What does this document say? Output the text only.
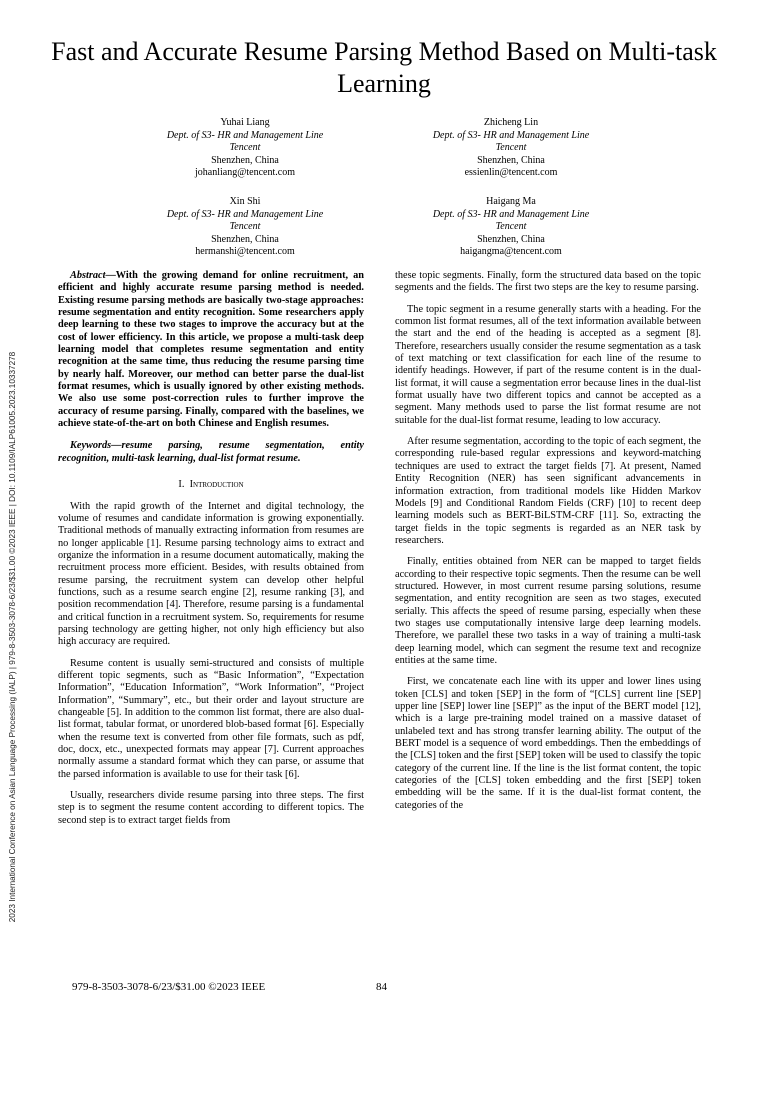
Fast and Accurate Resume Parsing Method Based on Multi-task Learning
Yuhai Liang
Dept. of S3- HR and Management Line
Tencent
Shenzhen, China
johanliang@tencent.com
Zhicheng Lin
Dept. of S3- HR and Management Line
Tencent
Shenzhen, China
essienlin@tencent.com
Xin Shi
Dept. of S3- HR and Management Line
Tencent
Shenzhen, China
hermanshi@tencent.com
Haigang Ma
Dept. of S3- HR and Management Line
Tencent
Shenzhen, China
haigangma@tencent.com

Abstract—With the growing demand for online recruitment, an efficient and highly accurate resume parsing method is needed. Existing resume parsing methods are basically two-stage approaches: resume segmentation and entity recognition. Some researchers apply deep learning to these two stages to improve the accuracy but at the cost of lower efficiency. In this article, we propose a multi-task deep learning model that completes resume segmentation and entity recognition at the same time, thus reducing the resume parsing time by nearly half. Moreover, our method can better parse the dual-list format resumes, which is usually ignored by other existing methods. We also use some post-correction rules to further improve the accuracy of resume parsing. Finally, compared with the baselines, we achieve state-of-the-art on both Chinese and English resumes.

Keywords—resume parsing, resume segmentation, entity recognition, multi-task learning, dual-list format resume.

I. Introduction

With the rapid growth of the Internet and digital technology, the volume of resumes and candidate information is growing exponentially. Traditional methods of manually extracting information from resumes are no longer applicable [1]. Resume parsing technology aims to extract and organize the information in a resume document automatically, making the recruitment process more efficient. Besides, with results obtained from resume parsing, the recruitment system can develop other helpful functions, such as a resume search engine [2], resume ranking [3], and position recommendation [4]. Therefore, resume parsing is a fundamental and critical function in a recruitment system. So, requirements for resume parsing technology are getting higher, not only high efficiency but also high accuracy are required.

Resume content is usually semi-structured and consists of multiple different topic segments, such as “Basic Information”, “Expectation Information”, “Education Information”, “Work Information”, “Project Information”, “Summary”, etc., but their order and layout structure are changeable [5]. In addition to the common list format, there are also dual-list format, tabular format, or unordered blob-based format [6]. Especially when the resume text is converted from other file formats, such as pdf, doc, docx, etc., unexpected formats may appear [7]. Current approaches normally assume a standard format which they can parse, or assume that the parsed information is available to use for their task [6].

Usually, researchers divide resume parsing into three steps. The first step is to segment the resume content according to different topics. The second step is to extract target fields from

these topic segments. Finally, form the structured data based on the topic segments and the fields. The first two steps are the key to resume parsing.

The topic segment in a resume generally starts with a heading. For the common list format resumes, all of the text information available between the start and the end of the heading is accepted as a segment [8]. Therefore, researchers usually consider the resume segmentation as a task of text matching or text classification for each line of the resume to identify headings. However, if part of the resume content is in the dual-list format, it will cause a segmentation error because lines in the dual-list format usually have two different topics and cannot be accepted as a segment. Many methods used to parse the list format resume are not suitable for the dual-list format resume, leading to low accuracy.

After resume segmentation, according to the topic of each segment, the corresponding rule-based regular expressions and keyword-matching techniques are used to extract the target fields [7]. At present, Named Entity Recognition (NER) has seen significant advancements in information extraction, from traditional models like Hidden Markov Models [9] and Conditional Random Fields (CRF) [10] to recent deep learning models such as BERT-BiLSTM-CRF [11]. So, extracting the target fields in the topic segments is regarded as an NER task by researchers.

Finally, entities obtained from NER can be mapped to target fields according to their respective topic segments. Then the resume can be well structured. However, in most current resume parsing solutions, resume segmentation, and entity recognition are seen as two stages, executed serially. This affects the speed of resume parsing, especially when these two stages use computationally intensive large deep learning models. Therefore, we parallel these two tasks in a way of training a multi-task deep learning model, which can segment the resume text and recognize entities at the same time.

First, we concatenate each line with its upper and lower lines using token [CLS] and token [SEP] in the form of “[CLS] current line [SEP] upper line [SEP] lower line [SEP]” as the input of the BERT model [12], which is a large pre-training model trained on a massive dataset of unlabeled text and has strong transfer learning ability. The output of the BERT model is a sequence of word embeddings. Then the embeddings of the [CLS] token and the first [SEP] token will be used to classify the topic category of the current line. If the line is the list format content, the topic categories of the [CLS] token embedding and the first [SEP] token embedding will be the same. If it is the dual-list format content, the categories of the

2023 International Conference on Asian Language Processing (IALP) | 979-8-3503-3078-6/23/$31.00 ©2023 IEEE | DOI: 10.1109/IALP61005.2023.10337278
979-8-3503-3078-6/23/$31.00 ©2023 IEEE	84
